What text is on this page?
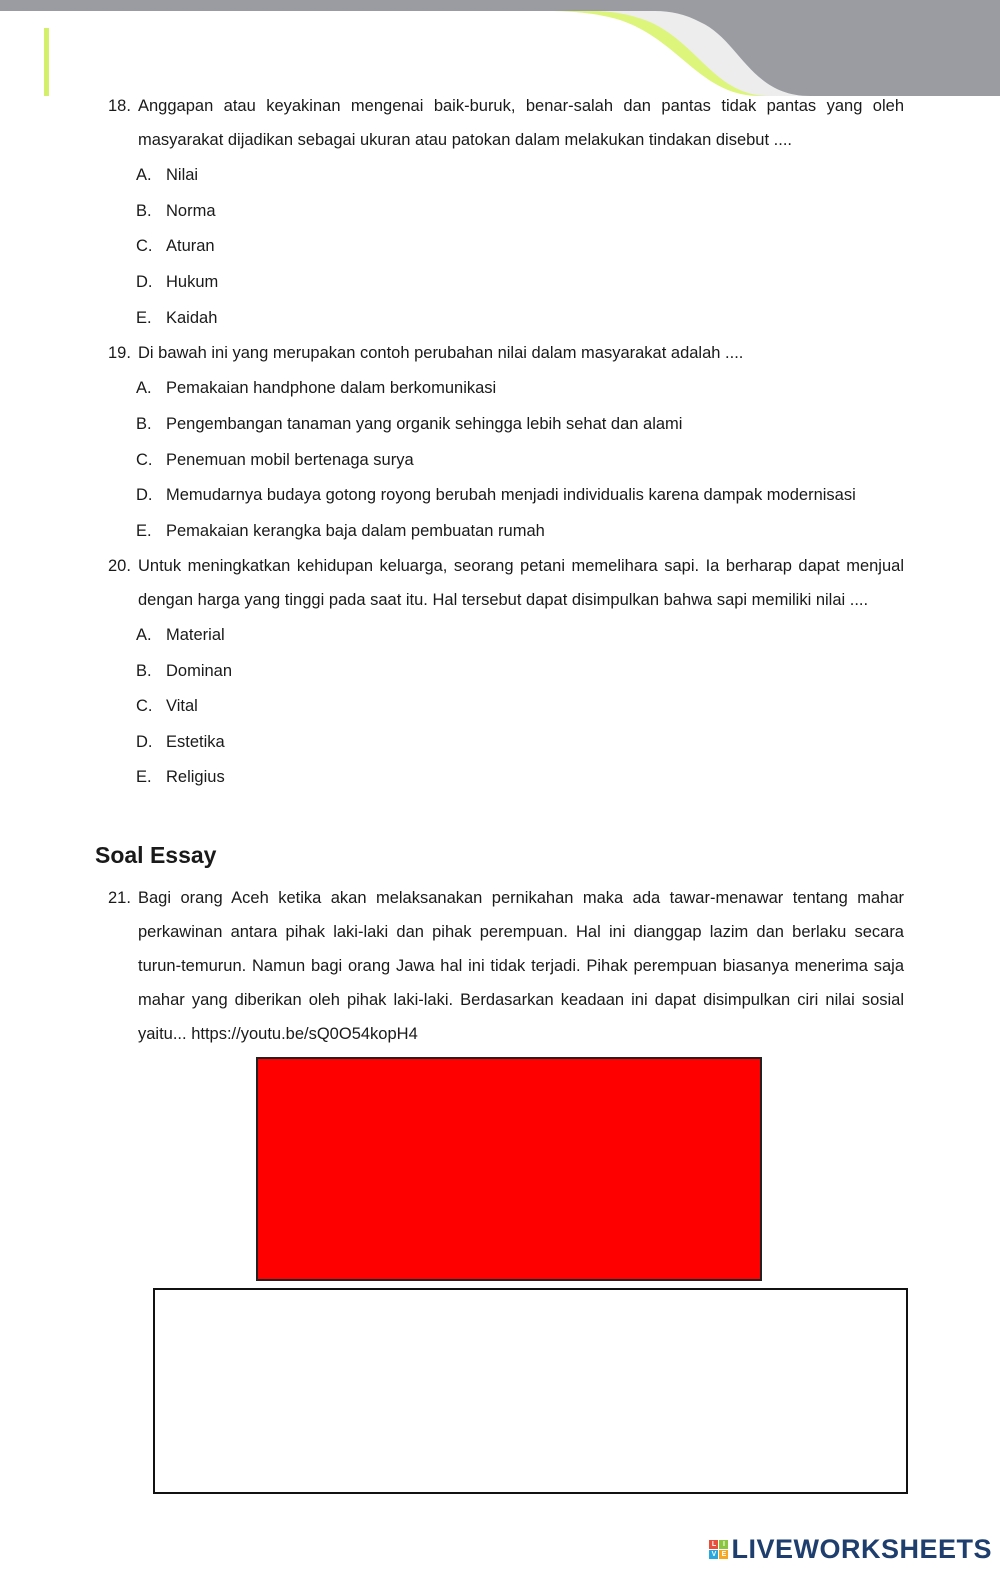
18. Anggapan atau keyakinan mengenai baik-buruk, benar-salah dan pantas tidak pantas yang oleh masyarakat dijadikan sebagai ukuran atau patokan dalam melakukan tindakan disebut ....
A. Nilai
B. Norma
C. Aturan
D. Hukum
E. Kaidah
19. Di bawah ini yang merupakan contoh perubahan nilai dalam masyarakat adalah ....
A. Pemakaian handphone dalam berkomunikasi
B. Pengembangan tanaman yang organik sehingga lebih sehat dan alami
C. Penemuan mobil bertenaga surya
D. Memudarnya budaya gotong royong berubah menjadi individualis karena dampak modernisasi
E. Pemakaian kerangka baja dalam pembuatan rumah
20. Untuk meningkatkan kehidupan keluarga, seorang petani memelihara sapi. Ia berharap dapat menjual dengan harga yang tinggi pada saat itu. Hal tersebut dapat disimpulkan bahwa sapi memiliki nilai ....
A. Material
B. Dominan
C. Vital
D. Estetika
E. Religius
Soal Essay
21. Bagi orang Aceh ketika akan melaksanakan pernikahan maka ada tawar-menawar tentang mahar perkawinan antara pihak laki-laki dan pihak perempuan. Hal ini dianggap lazim dan berlaku secara turun-temurun. Namun bagi orang Jawa hal ini tidak terjadi. Pihak perempuan biasanya menerima saja mahar yang diberikan oleh pihak laki-laki. Berdasarkan keadaan ini dapat disimpulkan ciri nilai sosial yaitu... https://youtu.be/sQ0O54kopH4
L I
V E LIVEWORKSHEETS
